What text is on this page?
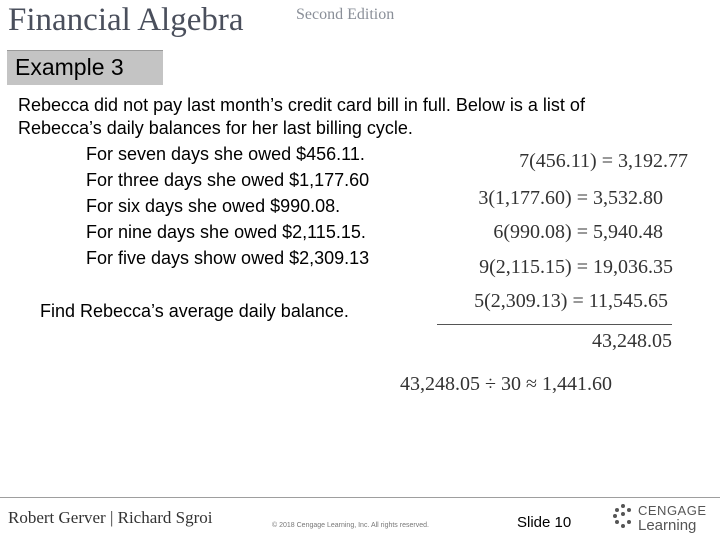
Financial Algebra	Second Edition
Example 3
Rebecca did not pay last month’s credit card bill in full. Below is a list of
Rebecca’s daily balances for her last billing cycle.
For seven days she owed $456.11.
For three days she owed $1,177.60
For six days she owed $990.08.
For nine days she owed $2,115.15.
For five days show owed $2,309.13
Find Rebecca’s average daily balance.
7(456.11) = 3,192.77
3(1,177.60) = 3,532.80
6(990.08) = 5,940.48
9(2,115.15) = 19,036.35
5(2,309.13) = 11,545.65
43,248.05
43,248.05 ÷ 30 ≈ 1,441.60
Robert Gerver | Richard Sgroi	© 2018 Cengage Learning, Inc. All rights reserved.	Slide 10
CENGAGE
Learning
